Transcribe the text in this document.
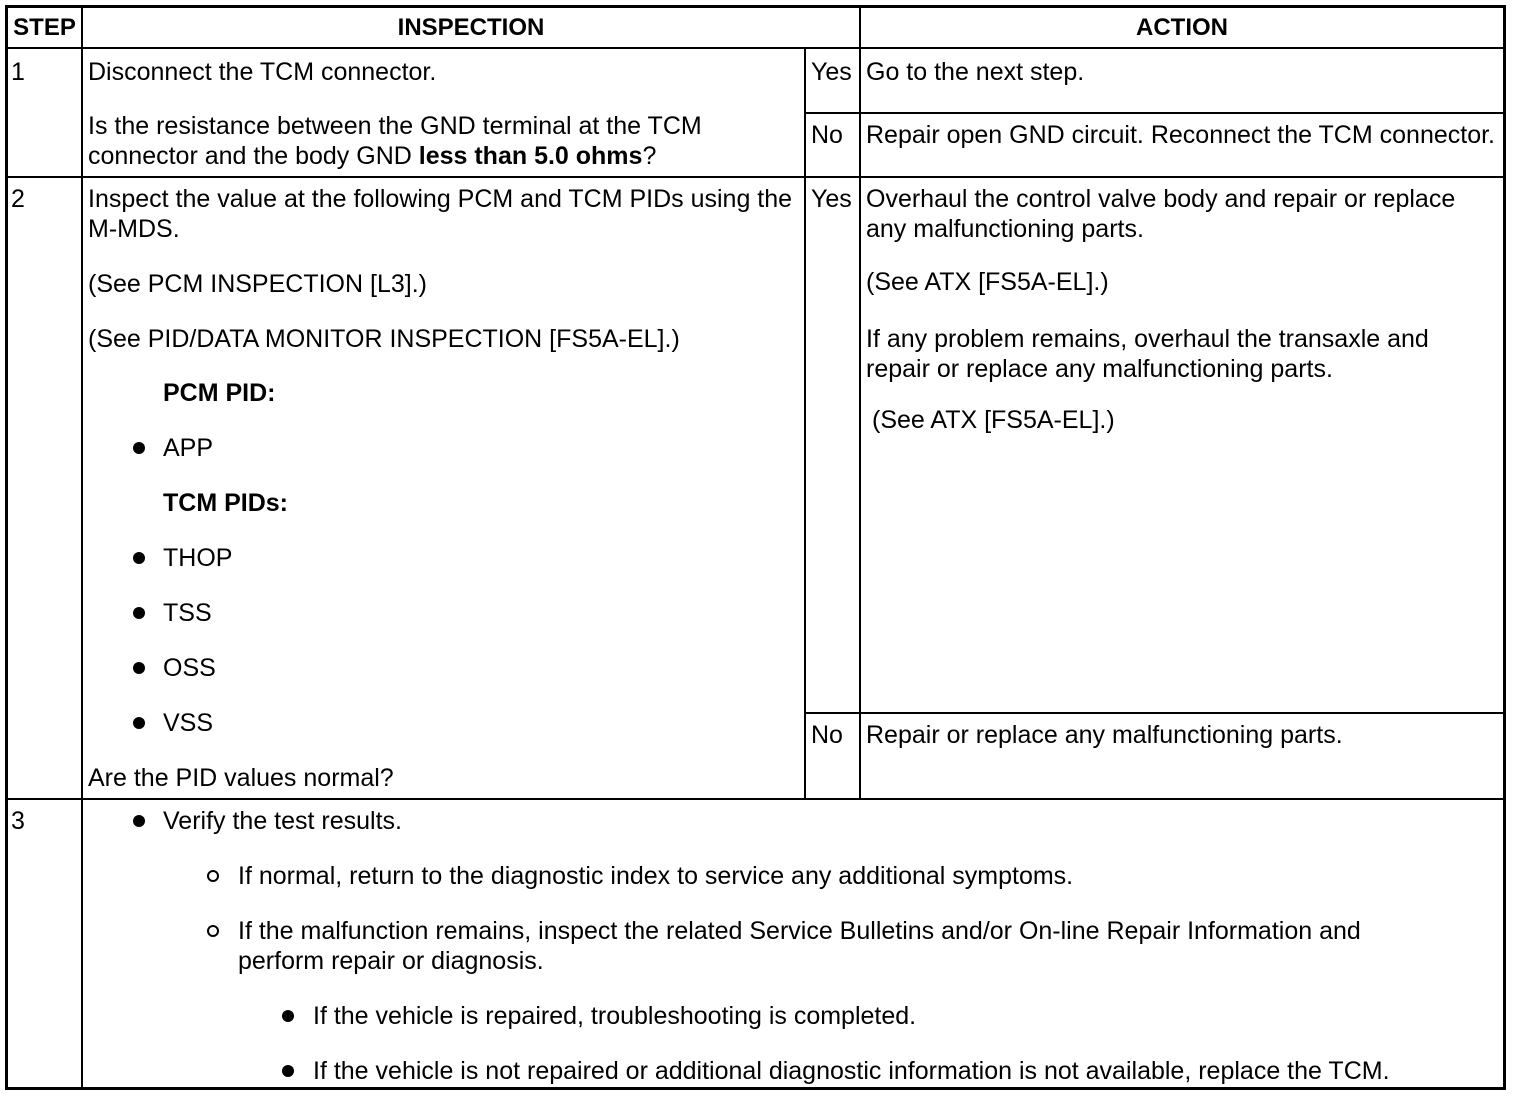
STEP	INSPECTION	ACTION
1	Disconnect the TCM connector.
Is the resistance between the GND terminal at the TCM
connector and the body GND less than 5.0 ohms?
Yes Go to the next step.
No Repair open GND circuit. Reconnect the TCM connector.
2	Inspect the value at the following PCM and TCM PIDs using the
M-MDS.
(See PCM INSPECTION [L3].)
(See PID/DATA MONITOR INSPECTION [FS5A-EL].)
PCM PID:
APP
TCM PIDs:
THOP
TSS
OSS
VSS
Are the PID values normal?
Yes Overhaul the control valve body and repair or replace
any malfunctioning parts.
(See ATX [FS5A-EL].)
If any problem remains, overhaul the transaxle and
repair or replace any malfunctioning parts.
(See ATX [FS5A-EL].)
No Repair or replace any malfunctioning parts.
3	Verify the test results.
If normal, return to the diagnostic index to service any additional symptoms.
If the malfunction remains, inspect the related Service Bulletins and/or On-line Repair Information and
perform repair or diagnosis.
If the vehicle is repaired, troubleshooting is completed.
If the vehicle is not repaired or additional diagnostic information is not available, replace the TCM.
